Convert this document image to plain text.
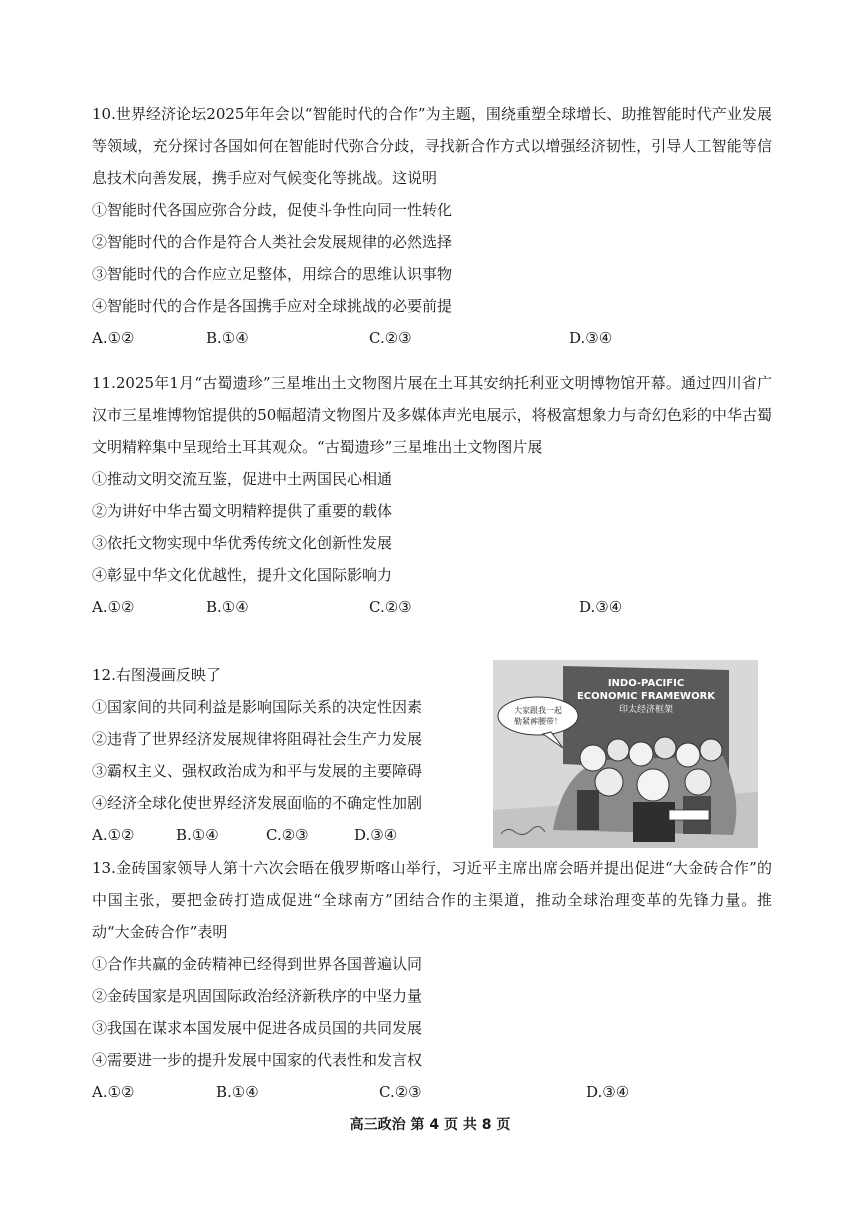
10.世界经济论坛2025年年会以“智能时代的合作”为主题，围绕重塑全球增长、助推智能时代产业发展等领域，充分探讨各国如何在智能时代弥合分歧，寻找新合作方式以增强经济韧性，引导人工智能等信息技术向善发展，携手应对气候变化等挑战。这说明
①智能时代各国应弥合分歧，促使斗争性向同一性转化
②智能时代的合作是符合人类社会发展规律的必然选择
③智能时代的合作应立足整体，用综合的思维认识事物
④智能时代的合作是各国携手应对全球挑战的必要前提
A.①②	B.①④	C.②③	D.③④
11.2025年1月“古蜀遗珍”三星堆出土文物图片展在土耳其安纳托利亚文明博物馆开幕。通过四川省广汉市三星堆博物馆提供的50幅超清文物图片及多媒体声光电展示，将极富想象力与奇幻色彩的中华古蜀文明精粹集中呈现给土耳其观众。“古蜀遗珍”三星堆出土文物图片展
①推动文明交流互鉴，促进中土两国民心相通
②为讲好中华古蜀文明精粹提供了重要的载体
③依托文物实现中华优秀传统文化创新性发展
④彰显中华文化优越性，提升文化国际影响力
A.①②	B.①④	C.②③	D.③④
12.右图漫画反映了
①国家间的共同利益是影响国际关系的决定性因素
②违背了世界经济发展规律将阻碍社会生产力发展
③霸权主义、强权政治成为和平与发展的主要障碍
④经济全球化使世界经济发展面临的不确定性加剧
A.①②	B.①④	C.②③	D.③④
INDO-PACIFIC
ECONOMIC FRAMEWORK
印太经济框架
大家跟我一起
勒紧裤腰带！
13.金砖国家领导人第十六次会晤在俄罗斯喀山举行，习近平主席出席会晤并提出促进“大金砖合作”的中国主张，要把金砖打造成促进“全球南方”团结合作的主渠道，推动全球治理变革的先锋力量。推动“大金砖合作”表明
①合作共赢的金砖精神已经得到世界各国普遍认同
②金砖国家是巩固国际政治经济新秩序的中坚力量
③我国在谋求本国发展中促进各成员国的共同发展
④需要进一步的提升发展中国家的代表性和发言权
A.①②	B.①④	C.②③	D.③④
高三政治 第 4 页 共 8 页
